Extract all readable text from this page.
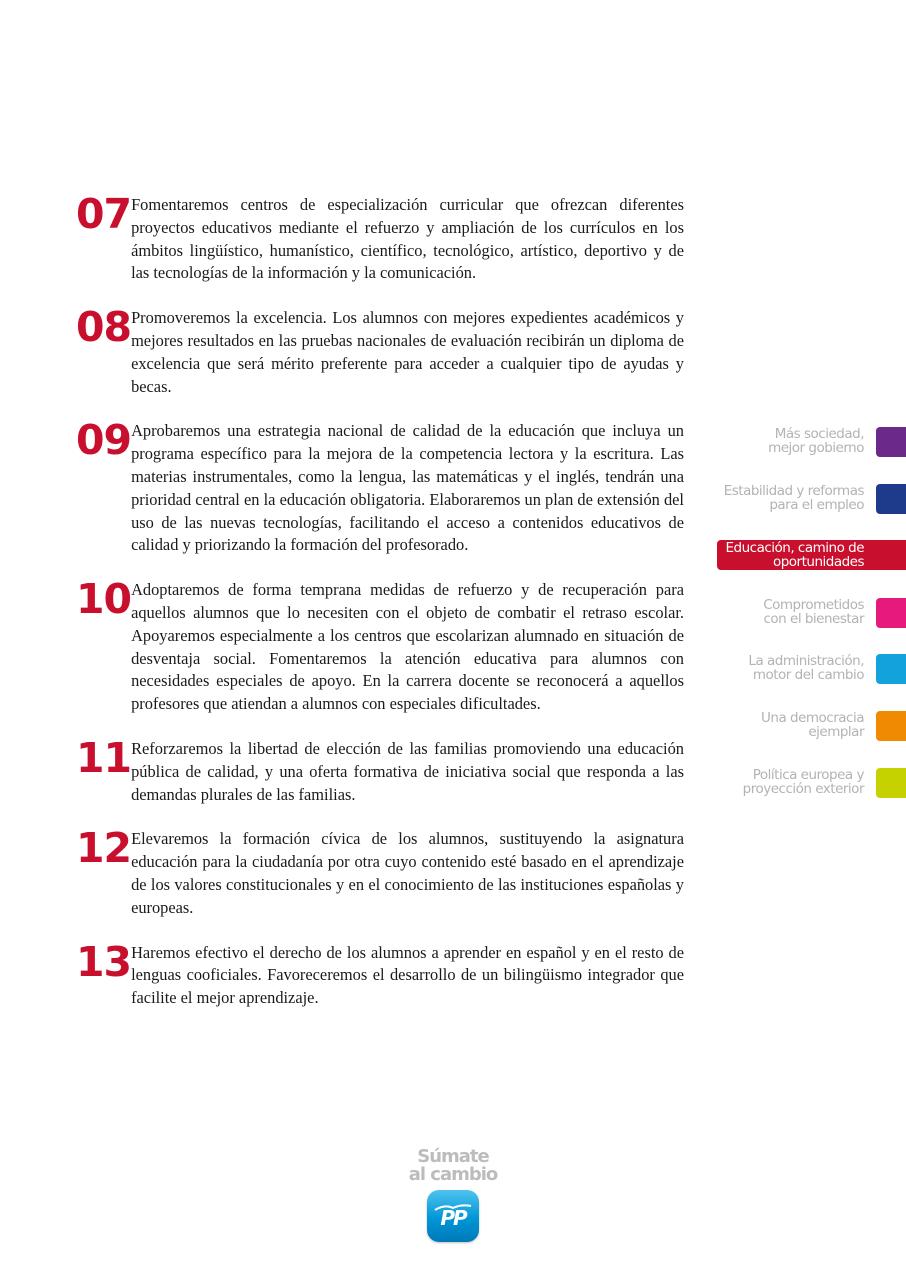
07 Fomentaremos centros de especialización curricular que ofrezcan diferentes proyectos educativos mediante el refuerzo y ampliación de los currículos en los ámbitos lingüístico, humanístico, científico, tecnológico, artístico, deportivo y de las tecnologías de la información y la comunicación.

08 Promoveremos la excelencia. Los alumnos con mejores expedientes académicos y mejores resultados en las pruebas nacionales de evaluación recibirán un diploma de excelencia que será mérito preferente para acceder a cualquier tipo de ayudas y becas.

09 Aprobaremos una estrategia nacional de calidad de la educación que incluya un programa específico para la mejora de la competencia lectora y la escritura. Las materias instrumentales, como la lengua, las matemáticas y el inglés, tendrán una prioridad central en la educación obligatoria. Elaboraremos un plan de extensión del uso de las nuevas tecnologías, facilitando el acceso a contenidos educativos de calidad y priorizando la formación del profesorado.

10 Adoptaremos de forma temprana medidas de refuerzo y de recuperación para aquellos alumnos que lo necesiten con el objeto de combatir el retraso escolar. Apoyaremos especialmente a los centros que escolarizan alumnado en situación de desventaja social. Fomentaremos la atención educativa para alumnos con necesidades especiales de apoyo. En la carrera docente se reconocerá a aquellos profesores que atiendan a alumnos con especiales dificultades.

11 Reforzaremos la libertad de elección de las familias promoviendo una educación pública de calidad, y una oferta formativa de iniciativa social que responda a las demandas plurales de las familias.

12 Elevaremos la formación cívica de los alumnos, sustituyendo la asignatura educación para la ciudadanía por otra cuyo contenido esté basado en el aprendizaje de los valores constitucionales y en el conocimiento de las instituciones españolas y europeas.

13 Haremos efectivo el derecho de los alumnos a aprender en español y en el resto de lenguas cooficiales. Favoreceremos el desarrollo de un bilingüismo integrador que facilite el mejor aprendizaje.

Más sociedad,
mejor gobierno
Estabilidad y reformas
para el empleo
Educación, camino de
oportunidades
Comprometidos
con el bienestar
La administración,
motor del cambio
Una democracia
ejemplar
Política europea y
proyección exterior
Súmate
al cambio
PP
